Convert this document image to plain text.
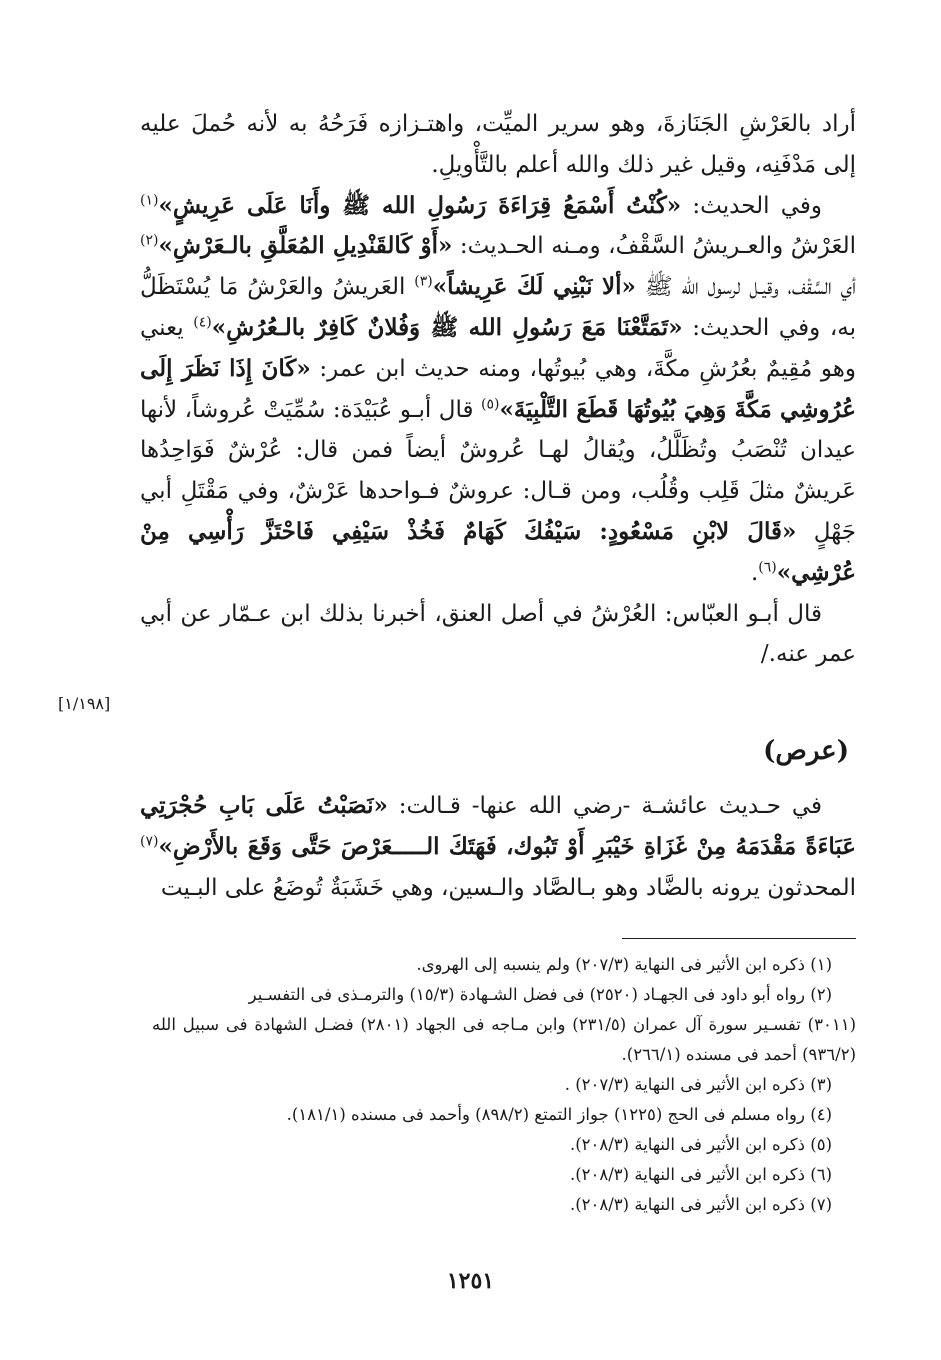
أراد بالعَرْشِ الجَنَازةَ، وهو سرير الميِّت، واهتـزازه فَرَحُهُ به لأنه حُملَ عليه إلى مَدْفَنِه، وقيل غير ذلك والله أعلم بالتَّأْويلِ.

وفي الحديث: «كُنْتُ أَسْمَعُ قِرَاءَةَ رَسُولِ الله ﷺ وأَنَا عَلَى عَرِيشٍ»$^{(١)}$ العَرْشُ والعـريشُ السَّقْفُ، ومـنه الحـديث: «أَوْ كَالقَنْدِيلِ المُعَلَّقِ بالـعَرْشِ»$^{(٢)}$ أي السَّقْف، وقيـل لرسول الله ﷺ «ألا نَبْنِي لَكَ عَرِيشاً»$^{(٣)}$ العَريشُ والعَرْشُ مَا يُسْتَظَلُّ به، وفي الحديث: «تَمَتَّعْنَا مَعَ رَسُولِ الله ﷺ وَفُلانٌ كَافِرٌ بالـعُرُشِ»$^{(٤)}$ يعني وهو مُقِيمٌ بعُرُشِ مكَّةَ، وهي بُيوتُها، ومنه حديث ابن عمر: «كَانَ إِذَا نَظَرَ إِلَى عُرُوشِي مَكَّةَ وَهِيَ بُيُوتُهَا قَطَعَ التَّلْبِيَةَ»$^{(٥)}$ قال أبـو عُبَيْدَة: سُمِّيَتْ عُروشاً، لأنها عيدان تُنْصَبُ وتُظَلَّلُ، ويُقالُ لهـا عُروشٌ أيضاً فمن قال: عُرْشٌ فَوَاحِدُها عَريشٌ مثلَ قَلِب وقُلُب، ومن قـال: عروشٌ فـواحدها عَرْشٌ، وفي مَقْتَلِ أبي جَهْلٍ «قَالَ لابْنِ مَسْعُودٍ: سَيْفُكَ كَهَامٌ فَخُذْ سَيْفِي فَاحْتَزَّ رَأْسِي مِنْ عُرْشِي»$^{(٦)}$.

قال أبـو العبّاس: العُرْشُ في أصل العنق، أخبرنا بذلك ابن عـمّار عن أبي عمر عنه./

[١/١٩٨]
(عرص)

في حـديث عائشـة -رضي الله عنها- قـالت: «نَصَبْتُ عَلَى بَابِ حُجْرَتِي عَبَاءَةً مَقْدَمَهُ مِنْ غَزَاةِ خَيْبَرِ أَوْ تَبُوك، فَهَتَكَ الـــــعَرْصَ حَتَّى وَقَعَ بالأَرْضِ»$^{(٧)}$ المحدثون يرونه بالضَّاد وهو بـالصَّاد والـسين، وهي خَشَبَةٌ تُوضَعُ على البـيت

(١) ذكره ابن الأثير فى النهاية (٢٠٧/٣) ولم ينسبه إلى الهروى.

(٢) رواه أبو داود فى الجهـاد (٢٥٢٠) فى فضل الشـهادة (١٥/٣) والترمـذى فى التفسـير

(٣٠١١) تفسـير سورة آل عمران (٢٣١/٥) وابن مـاجه فى الجهاد (٢٨٠١) فضـل الشهادة فى سبيل الله (٩٣٦/٢) أحمد فى مسنده (٢٦٦/١).

(٣) ذكره ابن الأثير فى النهاية (٢٠٧/٣) .

(٤) رواه مسلم فى الحج (١٢٢٥) جواز التمتع (٨٩٨/٢) وأحمد فى مسنده (١٨١/١).

(٥) ذكره ابن الأثير فى النهاية (٢٠٨/٣).

(٦) ذكره ابن الأثير فى النهاية (٢٠٨/٣).

(٧) ذكره ابن الأثير فى النهاية (٢٠٨/٣).

١٢٥١
